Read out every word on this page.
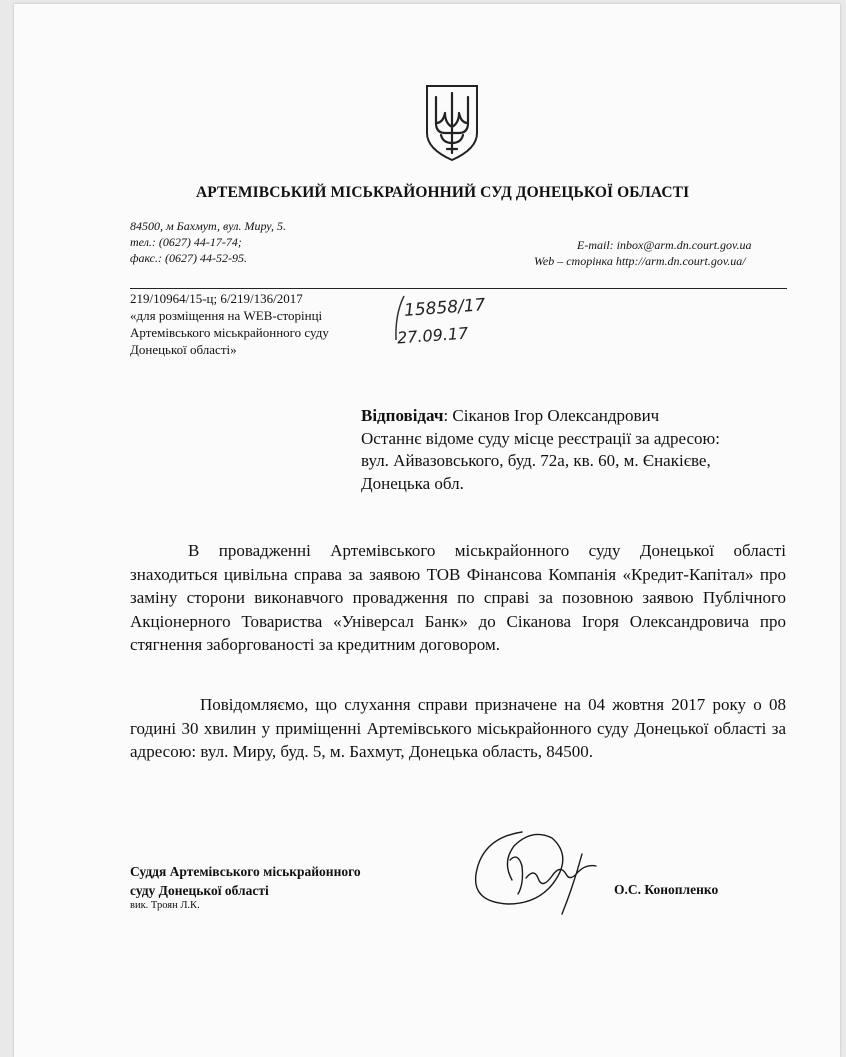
АРТЕМІВСЬКИЙ МІСЬКРАЙОННИЙ СУД ДОНЕЦЬКОЇ ОБЛАСТІ
84500, м Бахмут, вул. Миру, 5.
тел.: (0627) 44-17-74;
факс.: (0627) 44-52-95.
E-mail: inbox@arm.dn.court.gov.ua
Web – сторінка http://arm.dn.court.gov.ua/
219/10964/15-ц; 6/219/136/2017
«для розміщення на WEB-сторінці
Артемівського міськрайонного суду
Донецької області»
15858/17
27.09.17
Відповідач: Сіканов Ігор Олександрович
Останнє відоме суду місце реєстрації за адресою:
вул. Айвазовського, буд. 72а, кв. 60, м. Єнакієве,
Донецька обл.

В провадженні Артемівського міськрайонного суду Донецької області знаходиться цивільна справа за заявою ТОВ Фінансова Компанія «Кредит-Капітал» про заміну сторони виконавчого провадження по справі за позовною заявою Публічного Акціонерного Товариства «Універсал Банк» до Сіканова Ігоря Олександровича про стягнення заборгованості за кредитним договором.

Повідомляємо, що слухання справи призначене на 04 жовтня 2017 року о 08 годині 30 хвилин у приміщенні Артемівського міськрайонного суду Донецької області за адресою: вул. Миру, буд. 5, м. Бахмут, Донецька область, 84500.

Суддя Артемівського міськрайонного
суду Донецької області
вик. Троян Л.К.
О.С. Конопленко
